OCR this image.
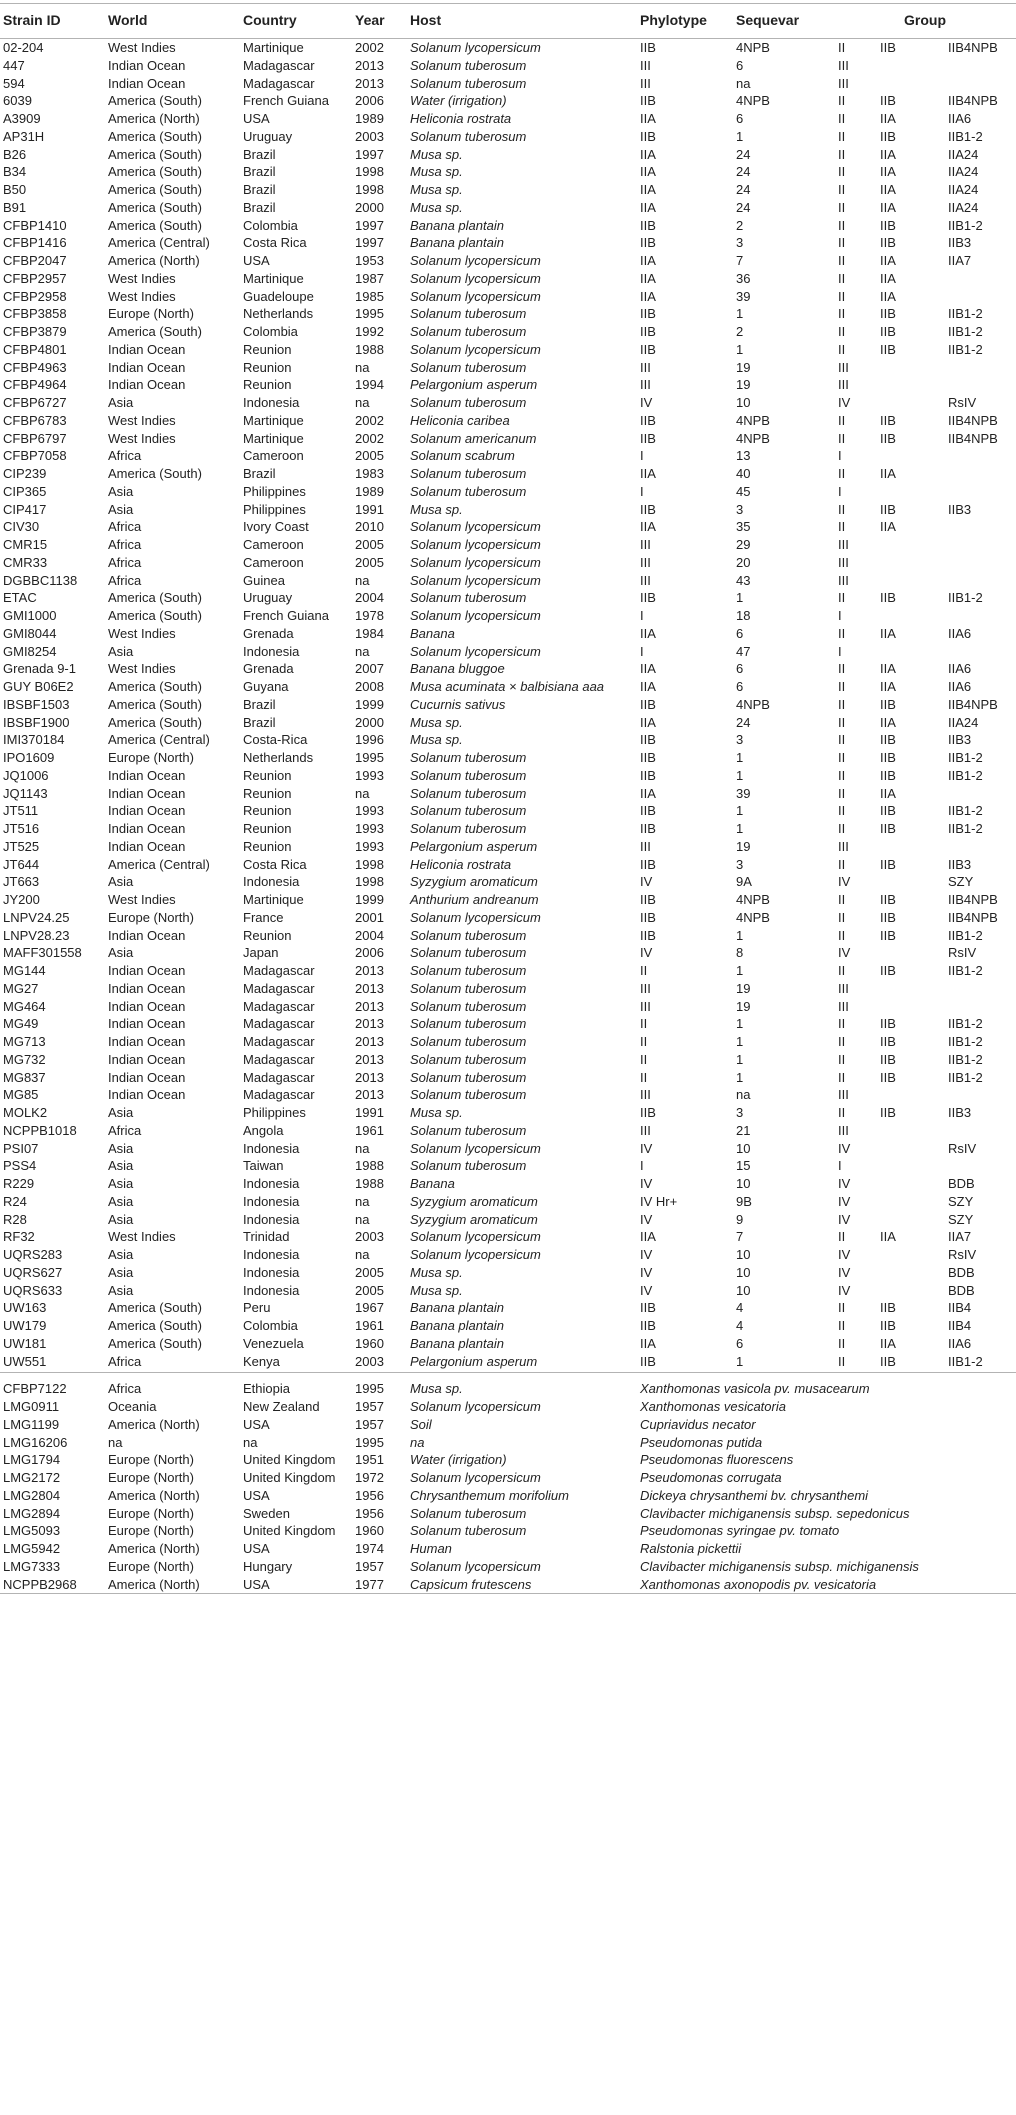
Strain ID	World	Country	Year Host	Phylotype Sequevar	Group
02-204	West Indies	Martinique	2002 Solanum lycopersicum	IIB	4NPB	II	IIB	IIB4NPB
447	Indian Ocean	Madagascar	2013 Solanum tuberosum	III	6	III
594	Indian Ocean	Madagascar	2013 Solanum tuberosum	III	na	III
6039	America (South)	French Guiana 2006 Water (irrigation)	IIB	4NPB	II	IIB	IIB4NPB
A3909	America (North)	USA	1989 Heliconia rostrata	IIA	6	II	IIA	IIA6
AP31H	America (South)	Uruguay	2003 Solanum tuberosum	IIB	1	II	IIB	IIB1-2
B26	America (South)	Brazil	1997 Musa sp.	IIA	24	II	IIA	IIA24
B34	America (South)	Brazil	1998 Musa sp.	IIA	24	II	IIA	IIA24
B50	America (South)	Brazil	1998 Musa sp.	IIA	24	II	IIA	IIA24
B91	America (South)	Brazil	2000 Musa sp.	IIA	24	II	IIA	IIA24
CFBP1410	America (South)	Colombia	1997 Banana plantain	IIB	2	II	IIB	IIB1-2
CFBP1416	America (Central)	Costa Rica	1997 Banana plantain	IIB	3	II	IIB	IIB3
CFBP2047	America (North)	USA	1953 Solanum lycopersicum	IIA	7	II	IIA	IIA7
CFBP2957	West Indies	Martinique	1987 Solanum lycopersicum	IIA	36	II	IIA
CFBP2958	West Indies	Guadeloupe	1985 Solanum lycopersicum	IIA	39	II	IIA
CFBP3858	Europe (North)	Netherlands	1995 Solanum tuberosum	IIB	1	II	IIB	IIB1-2
CFBP3879	America (South)	Colombia	1992 Solanum tuberosum	IIB	2	II	IIB	IIB1-2
CFBP4801	Indian Ocean	Reunion	1988 Solanum lycopersicum	IIB	1	II	IIB	IIB1-2
CFBP4963	Indian Ocean	Reunion	na	Solanum tuberosum	III	19	III
CFBP4964	Indian Ocean	Reunion	1994 Pelargonium asperum	III	19	III
CFBP6727	Asia	Indonesia	na	Solanum tuberosum	IV	10	IV	RsIV
CFBP6783	West Indies	Martinique	2002 Heliconia caribea	IIB	4NPB	II	IIB	IIB4NPB
CFBP6797	West Indies	Martinique	2002 Solanum americanum	IIB	4NPB	II	IIB	IIB4NPB
CFBP7058	Africa	Cameroon	2005 Solanum scabrum	I	13	I
CIP239	America (South)	Brazil	1983 Solanum tuberosum	IIA	40	II	IIA
CIP365	Asia	Philippines	1989 Solanum tuberosum	I	45	I
CIP417	Asia	Philippines	1991 Musa sp.	IIB	3	II	IIB	IIB3
CIV30	Africa	Ivory Coast	2010 Solanum lycopersicum	IIA	35	II	IIA
CMR15	Africa	Cameroon	2005 Solanum lycopersicum	III	29	III
CMR33	Africa	Cameroon	2005 Solanum lycopersicum	III	20	III
DGBBC1138 Africa	Guinea	na	Solanum lycopersicum	III	43	III
ETAC	America (South)	Uruguay	2004 Solanum tuberosum	IIB	1	II	IIB	IIB1-2
GMI1000	America (South)	French Guiana 1978 Solanum lycopersicum	I	18	I
GMI8044	West Indies	Grenada	1984 Banana	IIA	6	II	IIA	IIA6
GMI8254	Asia	Indonesia	na	Solanum lycopersicum	I	47	I
Grenada 9-1 West Indies	Grenada	2007 Banana bluggoe	IIA	6	II	IIA	IIA6
GUY B06E2	America (South)	Guyana	2008 Musa acuminata × balbisiana aaa	IIA	6	II	IIA	IIA6
IBSBF1503	America (South)	Brazil	1999 Cucurnis sativus	IIB	4NPB	II	IIB	IIB4NPB
IBSBF1900	America (South)	Brazil	2000 Musa sp.	IIA	24	II	IIA	IIA24
IMI370184	America (Central)	Costa-Rica	1996 Musa sp.	IIB	3	II	IIB	IIB3
IPO1609	Europe (North)	Netherlands	1995 Solanum tuberosum	IIB	1	II	IIB	IIB1-2
JQ1006	Indian Ocean	Reunion	1993 Solanum tuberosum	IIB	1	II	IIB	IIB1-2
JQ1143	Indian Ocean	Reunion	na	Solanum tuberosum	IIA	39	II	IIA
JT511	Indian Ocean	Reunion	1993 Solanum tuberosum	IIB	1	II	IIB	IIB1-2
JT516	Indian Ocean	Reunion	1993 Solanum tuberosum	IIB	1	II	IIB	IIB1-2
JT525	Indian Ocean	Reunion	1993 Pelargonium asperum	III	19	III
JT644	America (Central)	Costa Rica	1998 Heliconia rostrata	IIB	3	II	IIB	IIB3
JT663	Asia	Indonesia	1998 Syzygium aromaticum	IV	9A	IV	SZY
JY200	West Indies	Martinique	1999 Anthurium andreanum	IIB	4NPB	II	IIB	IIB4NPB
LNPV24.25	Europe (North)	France	2001 Solanum lycopersicum	IIB	4NPB	II	IIB	IIB4NPB
LNPV28.23	Indian Ocean	Reunion	2004 Solanum tuberosum	IIB	1	II	IIB	IIB1-2
MAFF301558 Asia	Japan	2006 Solanum tuberosum	IV	8	IV	RsIV
MG144	Indian Ocean	Madagascar	2013 Solanum tuberosum	II	1	II	IIB	IIB1-2
MG27	Indian Ocean	Madagascar	2013 Solanum tuberosum	III	19	III
MG464	Indian Ocean	Madagascar	2013 Solanum tuberosum	III	19	III
MG49	Indian Ocean	Madagascar	2013 Solanum tuberosum	II	1	II	IIB	IIB1-2
MG713	Indian Ocean	Madagascar	2013 Solanum tuberosum	II	1	II	IIB	IIB1-2
MG732	Indian Ocean	Madagascar	2013 Solanum tuberosum	II	1	II	IIB	IIB1-2
MG837	Indian Ocean	Madagascar	2013 Solanum tuberosum	II	1	II	IIB	IIB1-2
MG85	Indian Ocean	Madagascar	2013 Solanum tuberosum	III	na	III
MOLK2	Asia	Philippines	1991 Musa sp.	IIB	3	II	IIB	IIB3
NCPPB1018 Africa	Angola	1961 Solanum tuberosum	III	21	III
PSI07	Asia	Indonesia	na	Solanum lycopersicum	IV	10	IV	RsIV
PSS4	Asia	Taiwan	1988 Solanum tuberosum	I	15	I
R229	Asia	Indonesia	1988 Banana	IV	10	IV	BDB
R24	Asia	Indonesia	na	Syzygium aromaticum	IV Hr+	9B	IV	SZY
R28	Asia	Indonesia	na	Syzygium aromaticum	IV	9	IV	SZY
RF32	West Indies	Trinidad	2003 Solanum lycopersicum	IIA	7	II	IIA	IIA7
UQRS283	Asia	Indonesia	na	Solanum lycopersicum	IV	10	IV	RsIV
UQRS627	Asia	Indonesia	2005 Musa sp.	IV	10	IV	BDB
UQRS633	Asia	Indonesia	2005 Musa sp.	IV	10	IV	BDB
UW163	America (South)	Peru	1967 Banana plantain	IIB	4	II	IIB	IIB4
UW179	America (South)	Colombia	1961 Banana plantain	IIB	4	II	IIB	IIB4
UW181	America (South)	Venezuela	1960 Banana plantain	IIA	6	II	IIA	IIA6
UW551	Africa	Kenya	2003 Pelargonium asperum	IIB	1	II	IIB	IIB1-2
CFBP7122	Africa	Ethiopia	1995 Musa sp.	Xanthomonas vasicola pv. musacearum
LMG0911	Oceania	New Zealand	1957 Solanum lycopersicum	Xanthomonas vesicatoria
LMG1199	America (North)	USA	1957 Soil	Cupriavidus necator
LMG16206	na	na	1995 na	Pseudomonas putida
LMG1794	Europe (North)	United Kingdom 1951 Water (irrigation)	Pseudomonas fluorescens
LMG2172	Europe (North)	United Kingdom 1972 Solanum lycopersicum	Pseudomonas corrugata
LMG2804	America (North)	USA	1956 Chrysanthemum morifolium	Dickeya chrysanthemi bv. chrysanthemi
LMG2894	Europe (North)	Sweden	1956 Solanum tuberosum	Clavibacter michiganensis subsp. sepedonicus
LMG5093	Europe (North)	United Kingdom 1960 Solanum tuberosum	Pseudomonas syringae pv. tomato
LMG5942	America (North)	USA	1974 Human	Ralstonia pickettii
LMG7333	Europe (North)	Hungary	1957 Solanum lycopersicum	Clavibacter michiganensis subsp. michiganensis
NCPPB2968 America (North)	USA	1977 Capsicum frutescens	Xanthomonas axonopodis pv. vesicatoria
